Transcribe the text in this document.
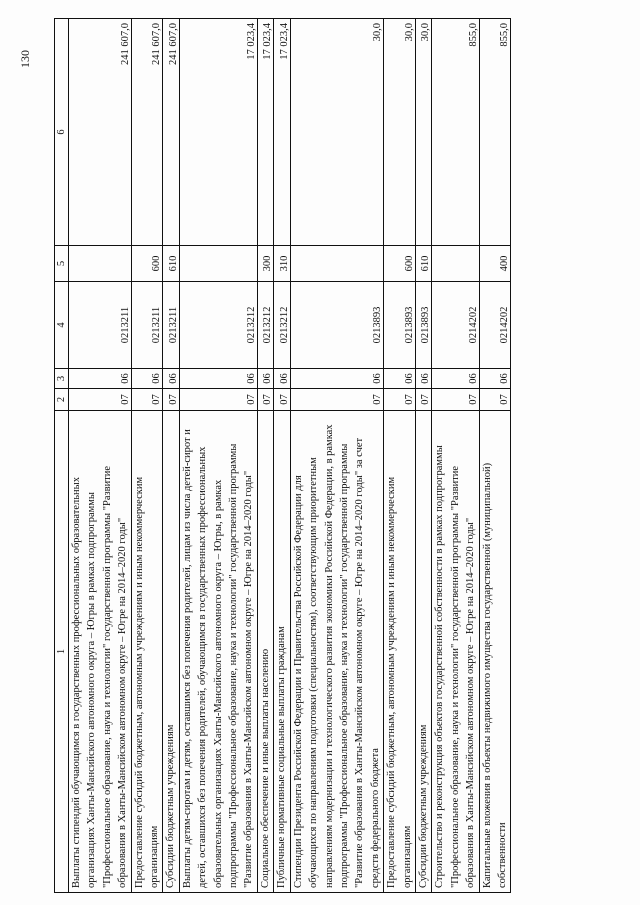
130
1	2	3	4	5	6
Выплаты стипендий обучающимся в государственных профессиональных образовательных организациях Ханты-Мансийского автономного округа – Югры в рамках подпрограммы "Профессиональное образование, наука и технологии" государственной программы "Развитие образования в Ханты-Мансийском автономном округе – Югре на 2014–2020 годы"	07	06	0213211		241 607,0
Предоставление субсидий бюджетным, автономным учреждениям и иным некоммерческим организациям	07	06	0213211	600	241 607,0
Субсидии бюджетным учреждениям	07	06	0213211	610	241 607,0
Выплаты детям-сиротам и детям, оставшимся без попечения родителей, лицам из числа детей-сирот и детей, оставшихся без попечения родителей, обучающимся в государственных профессиональных образовательных организациях Ханты-Мансийского автономного округа – Югры, в рамках подпрограммы "Профессиональное образование, наука и технологии" государственной программы "Развитие образования в Ханты-Мансийском автономном округе – Югре на 2014–2020 годы"	07	06	0213212		17 023,4
Социальное обеспечение и иные выплаты населению	07	06	0213212	300	17 023,4
Публичные нормативные социальные выплаты гражданам	07	06	0213212	310	17 023,4
Стипендии Президента Российской Федерации и Правительства Российской Федерации для обучающихся по направлениям подготовки (специальностям), соответствующим приоритетным направлениям модернизации и технологического развития экономики Российской Федерации, в рамках подпрограммы "Профессиональное образование, наука и технологии" государственной программы "Развитие образования в Ханты-Мансийском автономном округе – Югре на 2014–2020 годы" за счет средств федерального бюджета	07	06	0213893		30,0
Предоставление субсидий бюджетным, автономным учреждениям и иным некоммерческим организациям	07	06	0213893	600	30,0
Субсидии бюджетным учреждениям	07	06	0213893	610	30,0
Строительство и реконструкция объектов государственной собственности в рамках подпрограммы "Профессиональное образование, наука и технологии" государственной программы "Развитие образования в Ханты-Мансийском автономном округе – Югре на 2014–2020 годы"	07	06	0214202		855,0
Капитальные вложения в объекты недвижимого имущества государственной (муниципальной) собственности	07	06	0214202	400	855,0
